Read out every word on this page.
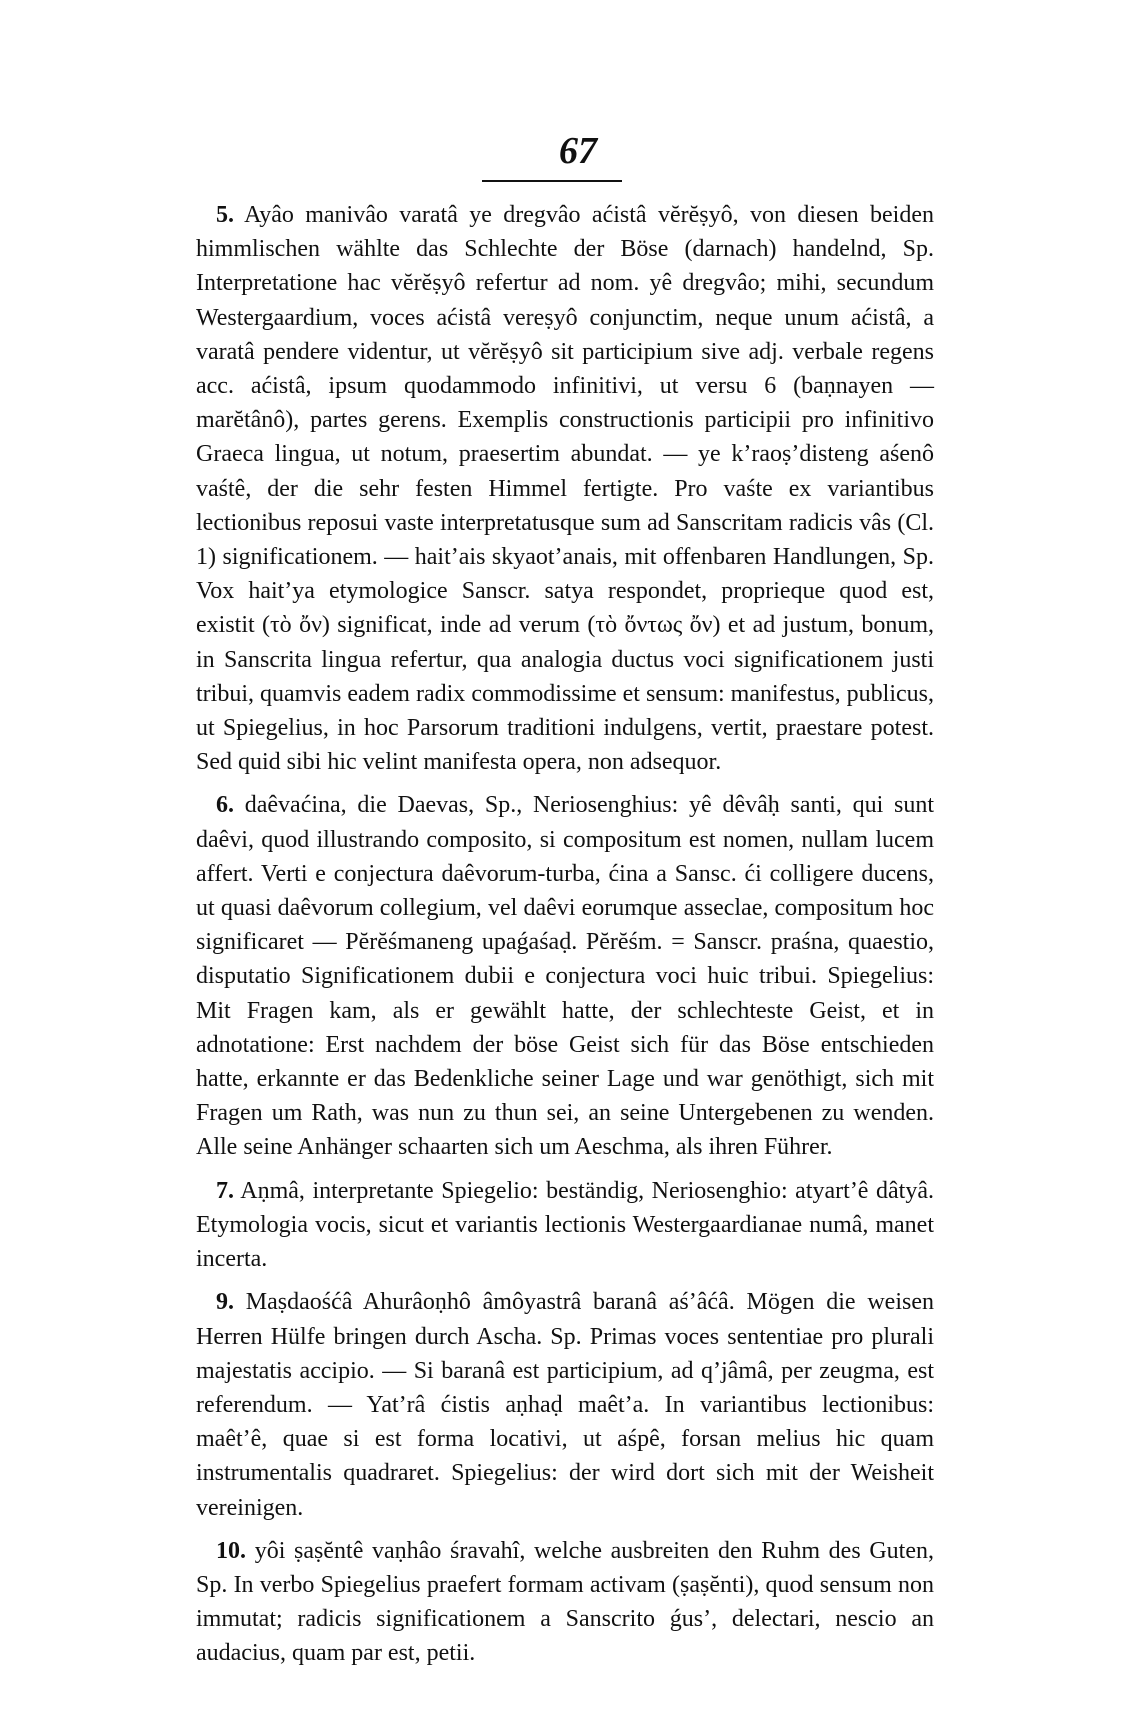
67

5. Ayâo manivâo varatâ ye dregvâo aćistâ vĕrĕṣyô, von diesen beiden himmlischen wählte das Schlechte der Böse (darnach) handelnd, Sp. Interpretatione hac vĕrĕṣyô refertur ad nom. yê dregvâo; mihi, secundum Westergaardium, voces aćistâ vereṣyô conjunctim, neque unum aćistâ, a varatâ pendere videntur, ut vĕrĕṣyô sit participium sive adj. verbale regens acc. aćistâ, ipsum quodammodo infinitivi, ut versu 6 (baṇnayen — marĕtânô), partes gerens. Exemplis constructionis participii pro infinitivo Graeca lingua, ut notum, praesertim abundat. — ye k’raoṣ’disteng aśenô vaśtê, der die sehr festen Himmel fertigte. Pro vaśte ex variantibus lectionibus reposui vaste interpretatusque sum ad Sanscritam radicis vâs (Cl. 1) significationem. — hait’ais skyaot’anais, mit offenbaren Handlungen, Sp. Vox hait’ya etymologice Sanscr. satya respondet, proprieque quod est, existit (τὸ ὄν) significat, inde ad verum (τὸ ὄντως ὄν) et ad justum, bonum, in Sanscrita lingua refertur, qua analogia ductus voci significationem justi tribui, quamvis eadem radix commodissime et sensum: manifestus, publicus, ut Spiegelius, in hoc Parsorum traditioni indulgens, vertit, praestare potest. Sed quid sibi hic velint manifesta opera, non adsequor.

6. daêvaćina, die Daevas, Sp., Neriosenghius: yê dêvâḥ santi, qui sunt daêvi, quod illustrando composito, si compositum est nomen, nullam lucem affert. Verti e conjectura daêvorum-turba, ćina a Sansc. ći colligere ducens, ut quasi daêvorum collegium, vel daêvi eorumque asseclae, compositum hoc significaret — Pĕrĕśmaneng upaǵaśaḍ. Pĕrĕśm. = Sanscr. praśna, quaestio, disputatio Significationem dubii e conjectura voci huic tribui. Spiegelius: Mit Fragen kam, als er gewählt hatte, der schlechteste Geist, et in adnotatione: Erst nachdem der böse Geist sich für das Böse entschieden hatte, erkannte er das Bedenkliche seiner Lage und war genöthigt, sich mit Fragen um Rath, was nun zu thun sei, an seine Untergebenen zu wenden. Alle seine Anhänger schaarten sich um Aeschma, als ihren Führer.

7. Aṇmâ, interpretante Spiegelio: beständig, Neriosenghio: atyart’ê dâtyâ. Etymologia vocis, sicut et variantis lectionis Westergaardianae numâ, manet incerta.

9. Maṣdaośćâ Ahurâoṇhô âmôyastrâ baranâ aś’âćâ. Mögen die weisen Herren Hülfe bringen durch Ascha. Sp. Primas voces sententiae pro plurali majestatis accipio. — Si baranâ est participium, ad q’jâmâ, per zeugma, est referendum. — Yat’râ ćistis aṇhaḍ maêt’a. In variantibus lectionibus: maêt’ê, quae si est forma locativi, ut aśpê, forsan melius hic quam instrumentalis quadraret. Spiegelius: der wird dort sich mit der Weisheit vereinigen.

10. yôi ṣaṣĕntê vaṇhâo śravahî, welche ausbreiten den Ruhm des Guten, Sp. In verbo Spiegelius praefert formam activam (ṣaṣĕnti), quod sensum non immutat; radicis significationem a Sanscrito ǵus’, delectari, nescio an audacius, quam par est, petii.
